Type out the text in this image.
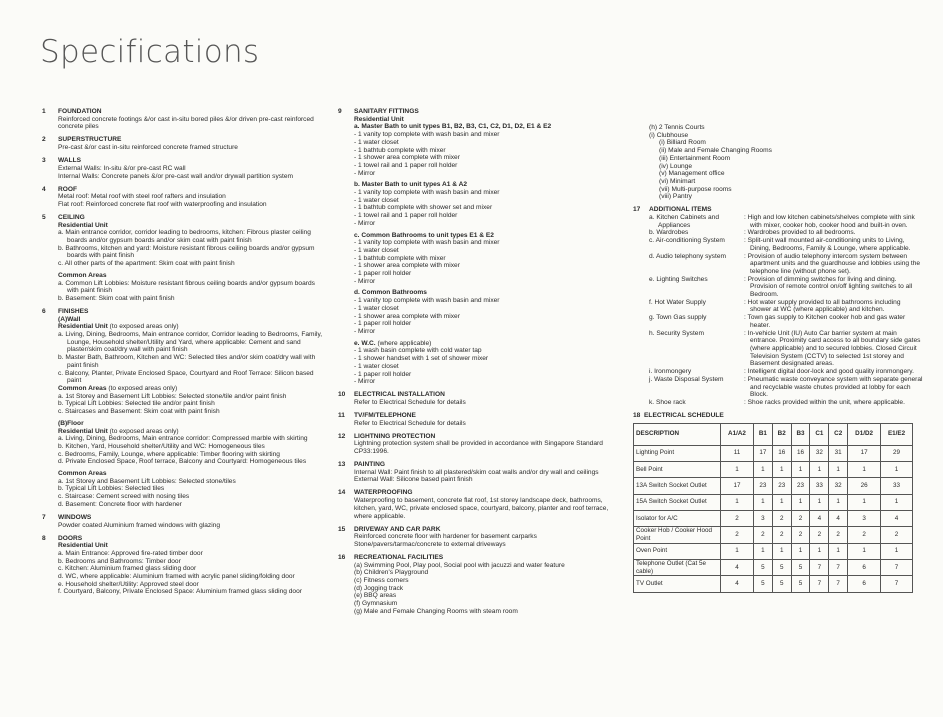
Specifications
1 FOUNDATION
Reinforced concrete footings &/or cast in-situ bored piles &/or driven pre-cast reinforced concrete piles
2 SUPERSTRUCTURE
Pre-cast &/or cast in-situ reinforced concrete framed structure
3 WALLS
External Walls: In-situ &/or pre-cast RC wall
Internal Walls: Concrete panels &/or pre-cast wall and/or drywall partition system
4 ROOF
Metal roof: Metal roof with steel roof rafters and insulation
Flat roof: Reinforced concrete flat roof with waterproofing and insulation
5 CEILING
Residential Unit
a. Main entrance corridor, corridor leading to bedrooms, kitchen: Fibrous plaster ceiling boards and/or gypsum boards and/or skim coat with paint finish
b. Bathrooms, kitchen and yard: Moisture resistant fibrous ceiling boards and/or gypsum boards with paint finish
c. All other parts of the apartment: Skim coat with paint finish
Common Areas
a. Common Lift Lobbies: Moisture resistant fibrous ceiling boards and/or gypsum boards with paint finish
b. Basement: Skim coat with paint finish
6 FINISHES
(A)Wall
Residential Unit (to exposed areas only)
a. Living, Dining, Bedrooms, Main entrance corridor, Corridor leading to Bedrooms, Family, Lounge, Household shelter/Utility and Yard, where applicable: Cement and sand plaster/skim coat/dry wall with paint finish
b. Master Bath, Bathroom, Kitchen and WC: Selected tiles and/or skim coat/dry wall with paint finish
c. Balcony, Planter, Private Enclosed Space, Courtyard and Roof Terrace: Silicon based paint
Common Areas (to exposed areas only)
a. 1st Storey and Basement Lift Lobbies: Selected stone/tile and/or paint finish
b. Typical Lift Lobbies: Selected tile and/or paint finish
c. Staircases and Basement: Skim coat with paint finish
(B)Floor
Residential Unit (to exposed areas only)
a. Living, Dining, Bedrooms, Main entrance corridor: Compressed marble with skirting
b. Kitchen, Yard, Household shelter/Utility and WC: Homogeneous tiles
c. Bedrooms, Family, Lounge, where applicable: Timber flooring with skirting
d. Private Enclosed Space, Roof terrace, Balcony and Courtyard: Homogeneous tiles
Common Areas
a. 1st Storey and Basement Lift Lobbies: Selected stone/tiles
b. Typical Lift Lobbies: Selected tiles
c. Staircase: Cement screed with nosing tiles
d. Basement: Concrete floor with hardener
7 WINDOWS
Powder coated Aluminium framed windows with glazing
8 DOORS
Residential Unit
a. Main Entrance: Approved fire-rated timber door
b. Bedrooms and Bathrooms: Timber door
c. Kitchen: Aluminium framed glass sliding door
d. WC, where applicable: Aluminium framed with acrylic panel sliding/folding door
e. Household shelter/Utility: Approved steel door
f. Courtyard, Balcony, Private Enclosed Space: Aluminium framed glass sliding door
9 SANITARY FITTINGS
Residential Unit
a. Master Bath to unit types B1, B2, B3, C1, C2, D1, D2, E1 & E2
- 1 vanity top complete with wash basin and mixer
- 1 water closet
- 1 bathtub complete with mixer
- 1 shower area complete with mixer
- 1 towel rail and 1 paper roll holder
- Mirror
b. Master Bath to unit types A1 & A2
- 1 vanity top complete with wash basin and mixer
- 1 water closet
- 1 bathtub complete with shower set and mixer
- 1 towel rail and 1 paper roll holder
- Mirror
c. Common Bathrooms to unit types E1 & E2
- 1 vanity top complete with wash basin and mixer
- 1 water closet
- 1 bathtub complete with mixer
- 1 shower area complete with mixer
- 1 paper roll holder
- Mirror
d. Common Bathrooms
- 1 vanity top complete with wash basin and mixer
- 1 water closet
- 1 shower area complete with mixer
- 1 paper roll holder
- Mirror
e. W.C. (where applicable)
- 1 wash basin complete with cold water tap
- 1 shower handset with 1 set of shower mixer
- 1 water closet
- 1 paper roll holder
- Mirror
10 ELECTRICAL INSTALLATION
Refer to Electrical Schedule for details
11 TV/FM/TELEPHONE
Refer to Electrical Schedule for details
12 LIGHTNING PROTECTION
Lightning protection system shall be provided in accordance with Singapore Standard CP33:1996.
13 PAINTING
Internal Wall: Paint finish to all plastered/skim coat walls and/or dry wall and ceilings
External Wall: Silicone based paint finish
14 WATERPROOFING
Waterproofing to basement, concrete flat roof, 1st storey landscape deck, bathrooms, kitchen, yard, WC, private enclosed space, courtyard, balcony, planter and roof terrace, where applicable.
15 DRIVEWAY AND CAR PARK
Reinforced concrete floor with hardener for basement carparks
Stone/pavers/tarmac/concrete to external driveways
16 RECREATIONAL FACILITIES
(a) Swimming Pool, Play pool, Social pool with jacuzzi and water feature
(b) Children's Playground
(c) Fitness corners
(d) Jogging track
(e) BBQ areas
(f) Gymnasium
(g) Male and Female Changing Rooms with steam room
(h) 2 Tennis Courts
(i) Clubhouse
(i) Billiard Room
(ii) Male and Female Changing Rooms
(iii) Entertainment Room
(iv) Lounge
(v) Management office
(vi) Minimart
(vii) Multi-purpose rooms
(viii) Pantry
17 ADDITIONAL ITEMS
a. Kitchen Cabinets and Appliances
: High and low kitchen cabinets/shelves complete with sink with mixer, cooker hob, cooker hood and built-in oven.
b. Wardrobes	: Wardrobes provided to all bedrooms.
c. Air-conditioning System	: Split-unit wall mounted air-conditioning units to Living, Dining, Bedrooms, Family & Lounge, where applicable.
d. Audio telephony system	: Provision of audio telephony intercom system between apartment units and the guardhouse and lobbies using the telephone line (without phone set).
e. Lighting Switches	: Provision of dimming switches for living and dining. Provision of remote control on/off lighting switches to all Bedroom.
f. Hot Water Supply	: Hot water supply provided to all bathrooms including shower at WC (where applicable) and kitchen.
g. Town Gas supply	: Town gas supply to Kitchen cooker hob and gas water heater.
h. Security System	: In-vehicle Unit (IU) Auto Car barrier system at main entrance. Proximity card access to all boundary side gates (where applicable) and to secured lobbies. Closed Circuit Television System (CCTV) to selected 1st storey and Basement designated areas.
i. Ironmongery	: Intelligent digital door-lock and good quality ironmongery.
j. Waste Disposal System	: Pneumatic waste conveyance system with separate general and recyclable waste chutes provided at lobby for each Block.
k. Shoe rack	: Shoe racks provided within the unit, where applicable.
18 ELECTRICAL SCHEDULE
DESCRIPTION	A1/A2	B1	B2	B3	C1	C2	D1/D2	E1/E2
Lighting Point	11	17	16	16	32	31	17	29
Bell Point	1	1	1	1	1	1	1	1
13A Switch Socket Outlet	17	23	23	23	33	32	26	33
15A Switch Socket Outlet	1	1	1	1	1	1	1	1
Isolator for A/C	2	3	2	2	4	4	3	4
Cooker Hob / Cooker Hood Point	2	2	2	2	2	2	2	2
Oven Point	1	1	1	1	1	1	1	1
Telephone Outlet (Cat 5e cable)	4	5	5	5	7	7	6	7
TV Outlet	4	5	5	5	7	7	6	7
